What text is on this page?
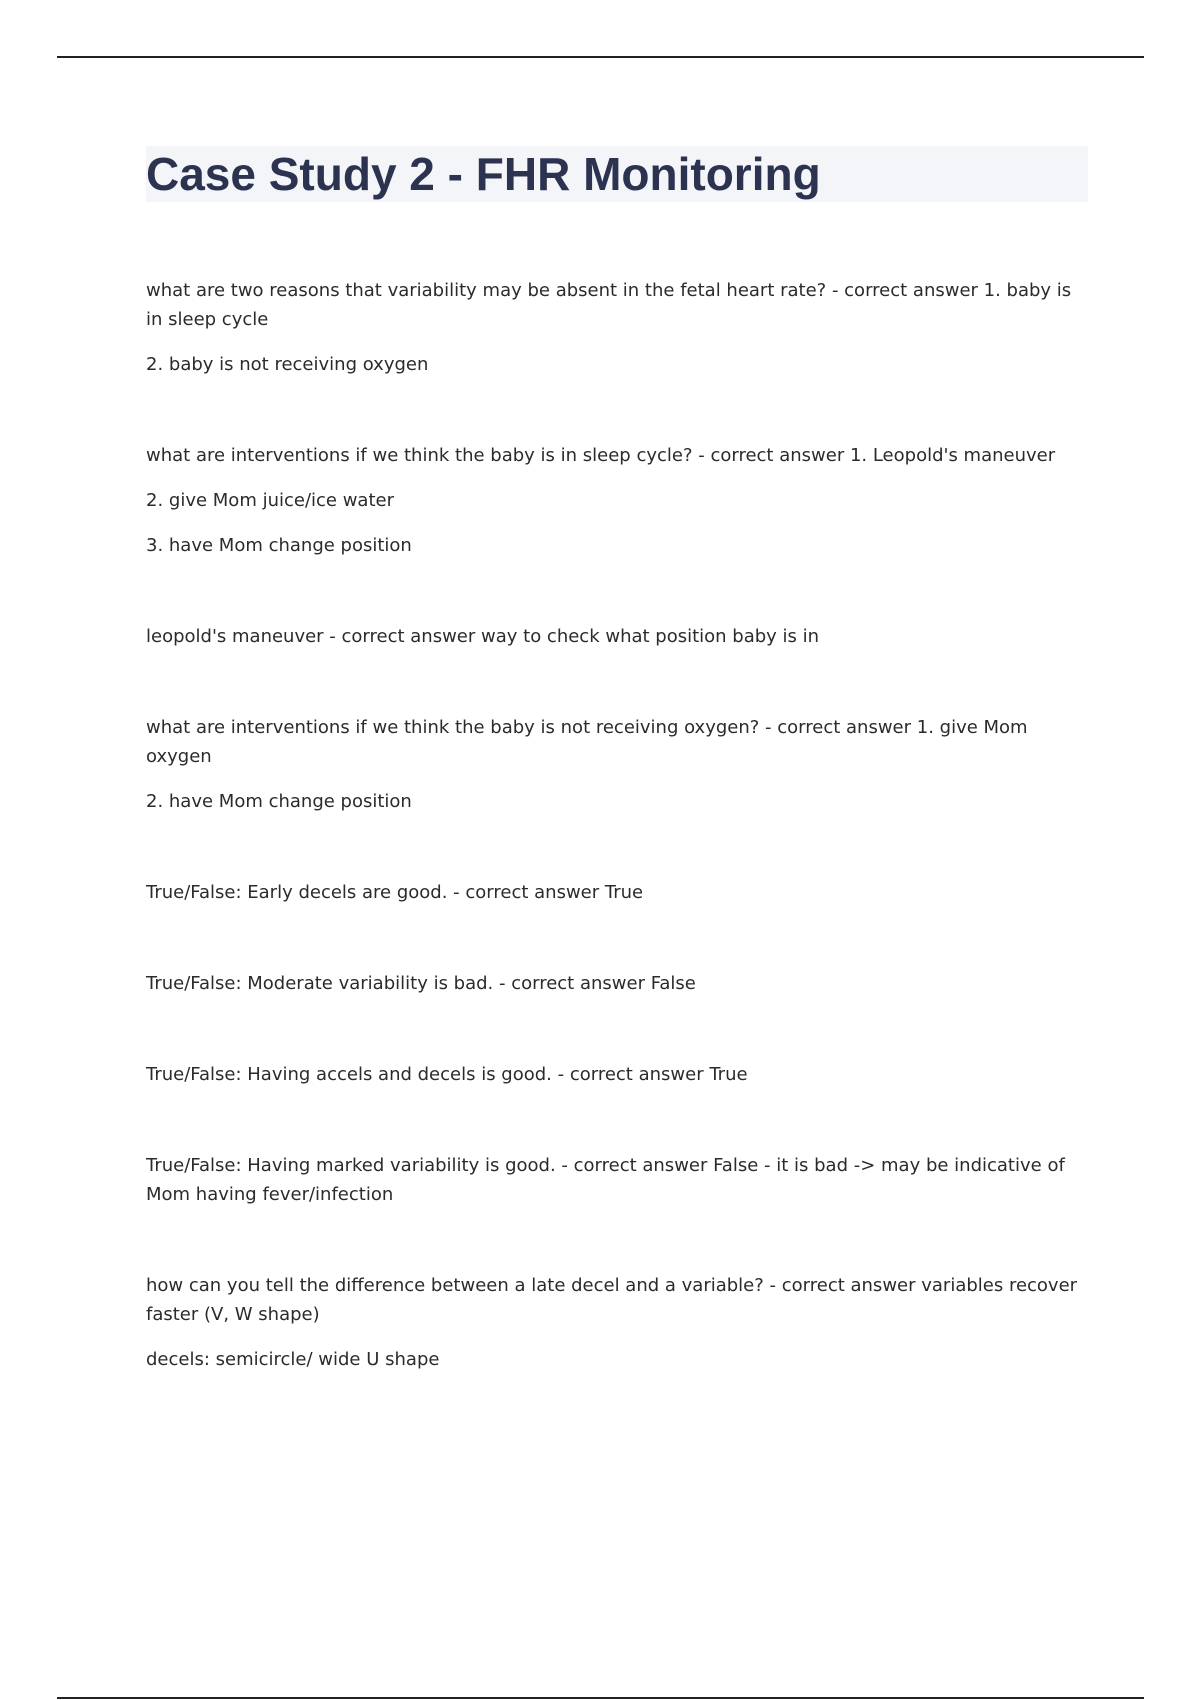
Case Study 2 - FHR Monitoring

what are two reasons that variability may be absent in the fetal heart rate? - correct answer 1. baby is in sleep cycle

2. baby is not receiving oxygen

what are interventions if we think the baby is in sleep cycle? - correct answer 1. Leopold's maneuver

2. give Mom juice/ice water

3. have Mom change position

leopold's maneuver - correct answer way to check what position baby is in

what are interventions if we think the baby is not receiving oxygen? - correct answer 1. give Mom oxygen

2. have Mom change position

True/False: Early decels are good. - correct answer True

True/False: Moderate variability is bad. - correct answer False

True/False: Having accels and decels is good. - correct answer True

True/False: Having marked variability is good. - correct answer False - it is bad -> may be indicative of Mom having fever/infection

how can you tell the difference between a late decel and a variable? - correct answer variables recover faster (V, W shape)

decels: semicircle/ wide U shape
